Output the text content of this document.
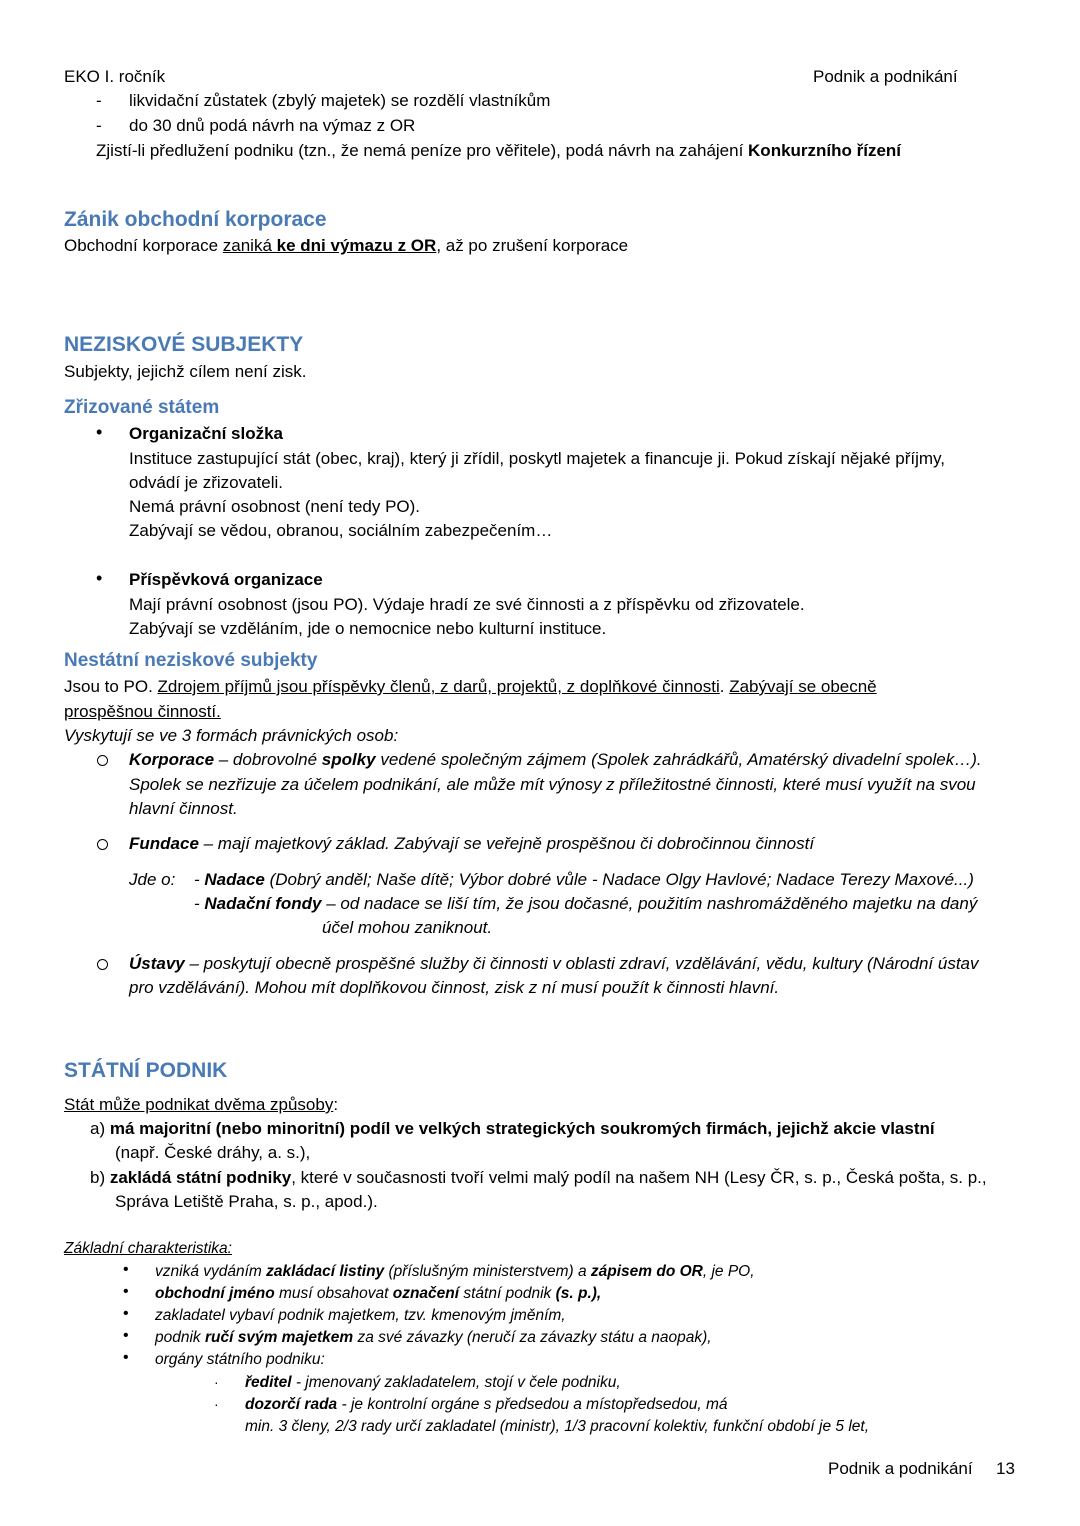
EKO I. ročník	Podnik a podnikání
- likvidační zůstatek (zbylý majetek) se rozdělí vlastníkům
- do 30 dnů podá návrh na výmaz z OR
Zjistí-li předlužení podniku (tzn., že nemá peníze pro věřitele), podá návrh na zahájení Konkurzního řízení
Zánik obchodní korporace
Obchodní korporace zaniká ke dni výmazu z OR, až po zrušení korporace
NEZISKOVÉ SUBJEKTY
Subjekty, jejichž cílem není zisk.
Zřizované státem
• Organizační složka
Instituce zastupující stát (obec, kraj), který ji zřídil, poskytl majetek a financuje ji. Pokud získají nějaké příjmy,
odvádí je zřizovateli.
Nemá právní osobnost (není tedy PO).
Zabývají se vědou, obranou, sociálním zabezpečením…
• Příspěvková organizace
Mají právní osobnost (jsou PO). Výdaje hradí ze své činnosti a z příspěvku od zřizovatele.
Zabývají se vzděláním, jde o nemocnice nebo kulturní instituce.
Nestátní neziskové subjekty
Jsou to PO. Zdrojem příjmů jsou příspěvky členů, z darů, projektů, z doplňkové činnosti. Zabývají se obecně
prospěšnou činností.
Vyskytují se ve 3 formách právnických osob:
Korporace – dobrovolné spolky vedené společným zájmem (Spolek zahrádkářů, Amatérský divadelní spolek…).
Spolek se nezřizuje za účelem podnikání, ale může mít výnosy z příležitostné činnosti, které musí využít na svou
hlavní činnost.
Fundace – mají majetkový základ. Zabývají se veřejně prospěšnou či dobročinnou činností
Jde o: - Nadace (Dobrý anděl; Naše dítě; Výbor dobré vůle - Nadace Olgy Havlové; Nadace Terezy Maxové...)
- Nadační fondy – od nadace se liší tím, že jsou dočasné, použitím nashromážděného majetku na daný
účel mohou zaniknout.
Ústavy – poskytují obecně prospěšné služby či činnosti v oblasti zdraví, vzdělávání, vědu, kultury (Národní ústav
pro vzdělávání). Mohou mít doplňkovou činnost, zisk z ní musí použít k činnosti hlavní.
STÁTNÍ PODNIK
Stát může podnikat dvěma způsoby:
a) má majoritní (nebo minoritní) podíl ve velkých strategických soukromých firmách, jejichž akcie vlastní
(např. České dráhy, a. s.),
b) zakládá státní podniky, které v současnosti tvoří velmi malý podíl na našem NH (Lesy ČR, s. p., Česká pošta, s. p.,
Správa Letiště Praha, s. p., apod.).
Základní charakteristika:
• vzniká vydáním zakládací listiny (příslušným ministerstvem) a zápisem do OR, je PO,
• obchodní jméno musí obsahovat označení státní podnik (s. p.),
• zakladatel vybaví podnik majetkem, tzv. kmenovým jměním,
• podnik ručí svým majetkem za své závazky (neručí za závazky státu a naopak),
• orgány státního podniku:
· ředitel - jmenovaný zakladatelem, stojí v čele podniku,
· dozorčí rada - je kontrolní orgáne s předsedou a místopředsedou, má
min. 3 členy, 2/3 rady určí zakladatel (ministr), 1/3 pracovní kolektiv, funkční období je 5 let,
Podnik a podnikání 13
